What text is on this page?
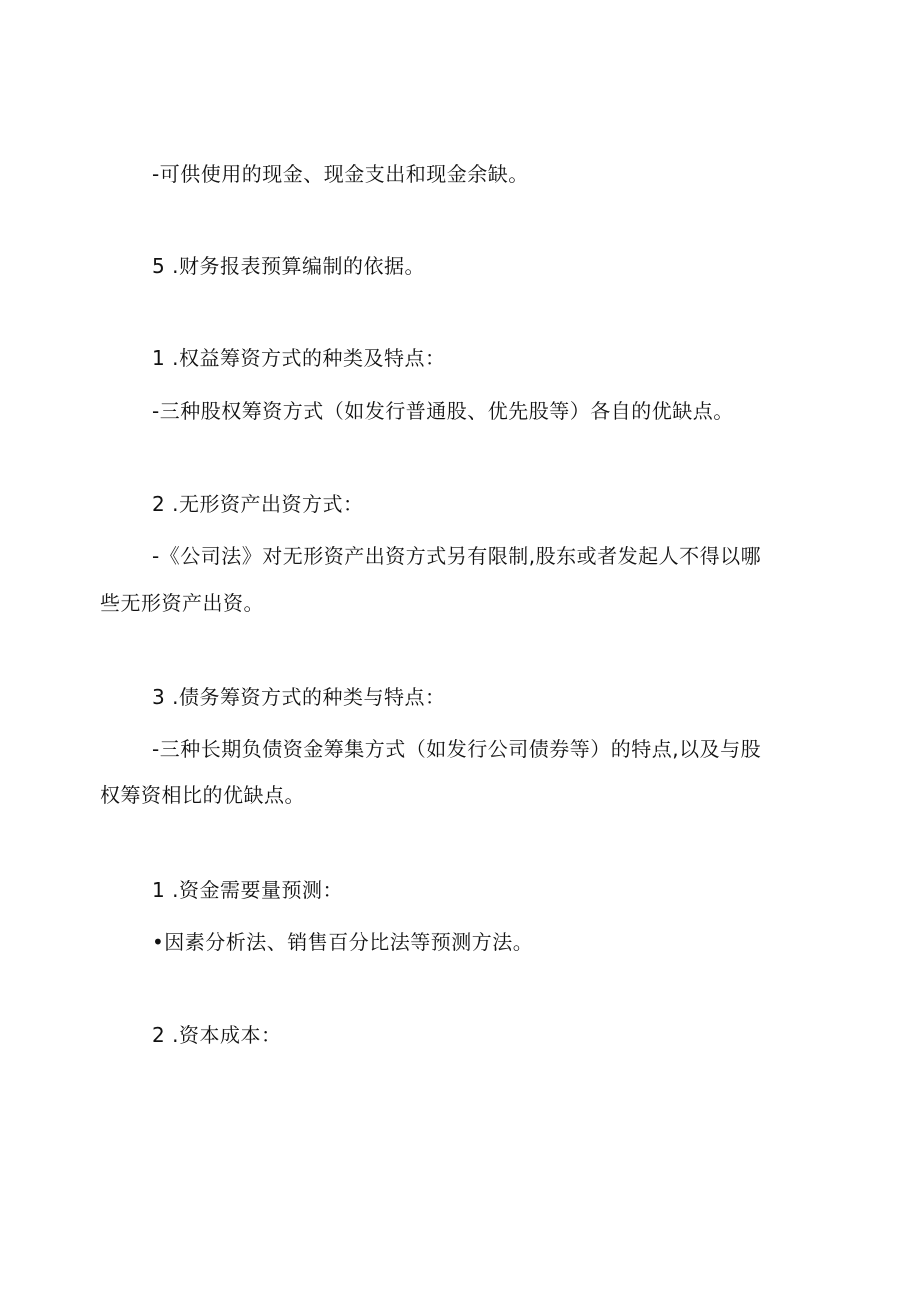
-可供使用的现金、现金支出和现金余缺。
5 .财务报表预算编制的依据。
1 .权益筹资方式的种类及特点：
-三种股权筹资方式（如发行普通股、优先股等）各自的优缺点。
2 .无形资产出资方式：
-《公司法》对无形资产出资方式另有限制,股东或者发起人不得以哪
些无形资产出资。
3 .债务筹资方式的种类与特点：
-三种长期负债资金筹集方式（如发行公司债券等）的特点,以及与股
权筹资相比的优缺点。
1 .资金需要量预测：
•因素分析法、销售百分比法等预测方法。
2 .资本成本：
